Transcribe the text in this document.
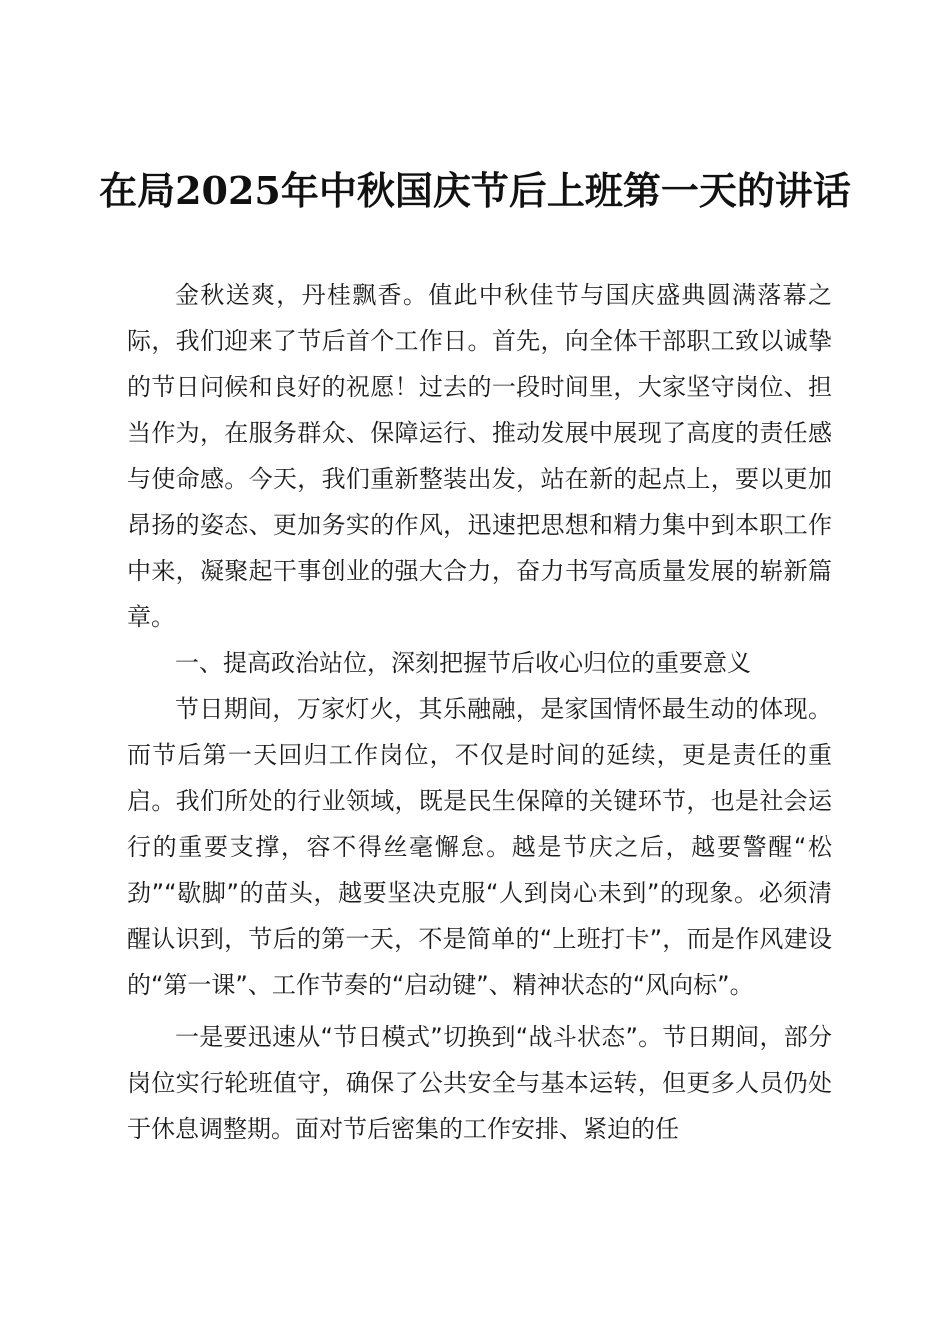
在局2025年中秋国庆节后上班第一天的讲话

金秋送爽，丹桂飘香。值此中秋佳节与国庆盛典圆满落幕之际，我们迎来了节后首个工作日。首先，向全体干部职工致以诚挚的节日问候和良好的祝愿！过去的一段时间里，大家坚守岗位、担当作为，在服务群众、保障运行、推动发展中展现了高度的责任感与使命感。今天，我们重新整装出发，站在新的起点上，要以更加昂扬的姿态、更加务实的作风，迅速把思想和精力集中到本职工作中来，凝聚起干事创业的强大合力，奋力书写高质量发展的崭新篇章。

一、提高政治站位，深刻把握节后收心归位的重要意义

节日期间，万家灯火，其乐融融，是家国情怀最生动的体现。而节后第一天回归工作岗位，不仅是时间的延续，更是责任的重启。我们所处的行业领域，既是民生保障的关键环节，也是社会运行的重要支撑，容不得丝毫懈怠。越是节庆之后，越要警醒“松劲”“歇脚”的苗头，越要坚决克服“人到岗心未到”的现象。必须清醒认识到，节后的第一天，不是简单的“上班打卡”，而是作风建设的“第一课”、工作节奏的“启动键”、精神状态的“风向标”。

一是要迅速从“节日模式”切换到“战斗状态”。节日期间，部分岗位实行轮班值守，确保了公共安全与基本运转，但更多人员仍处于休息调整期。面对节后密集的工作安排、紧迫的任
